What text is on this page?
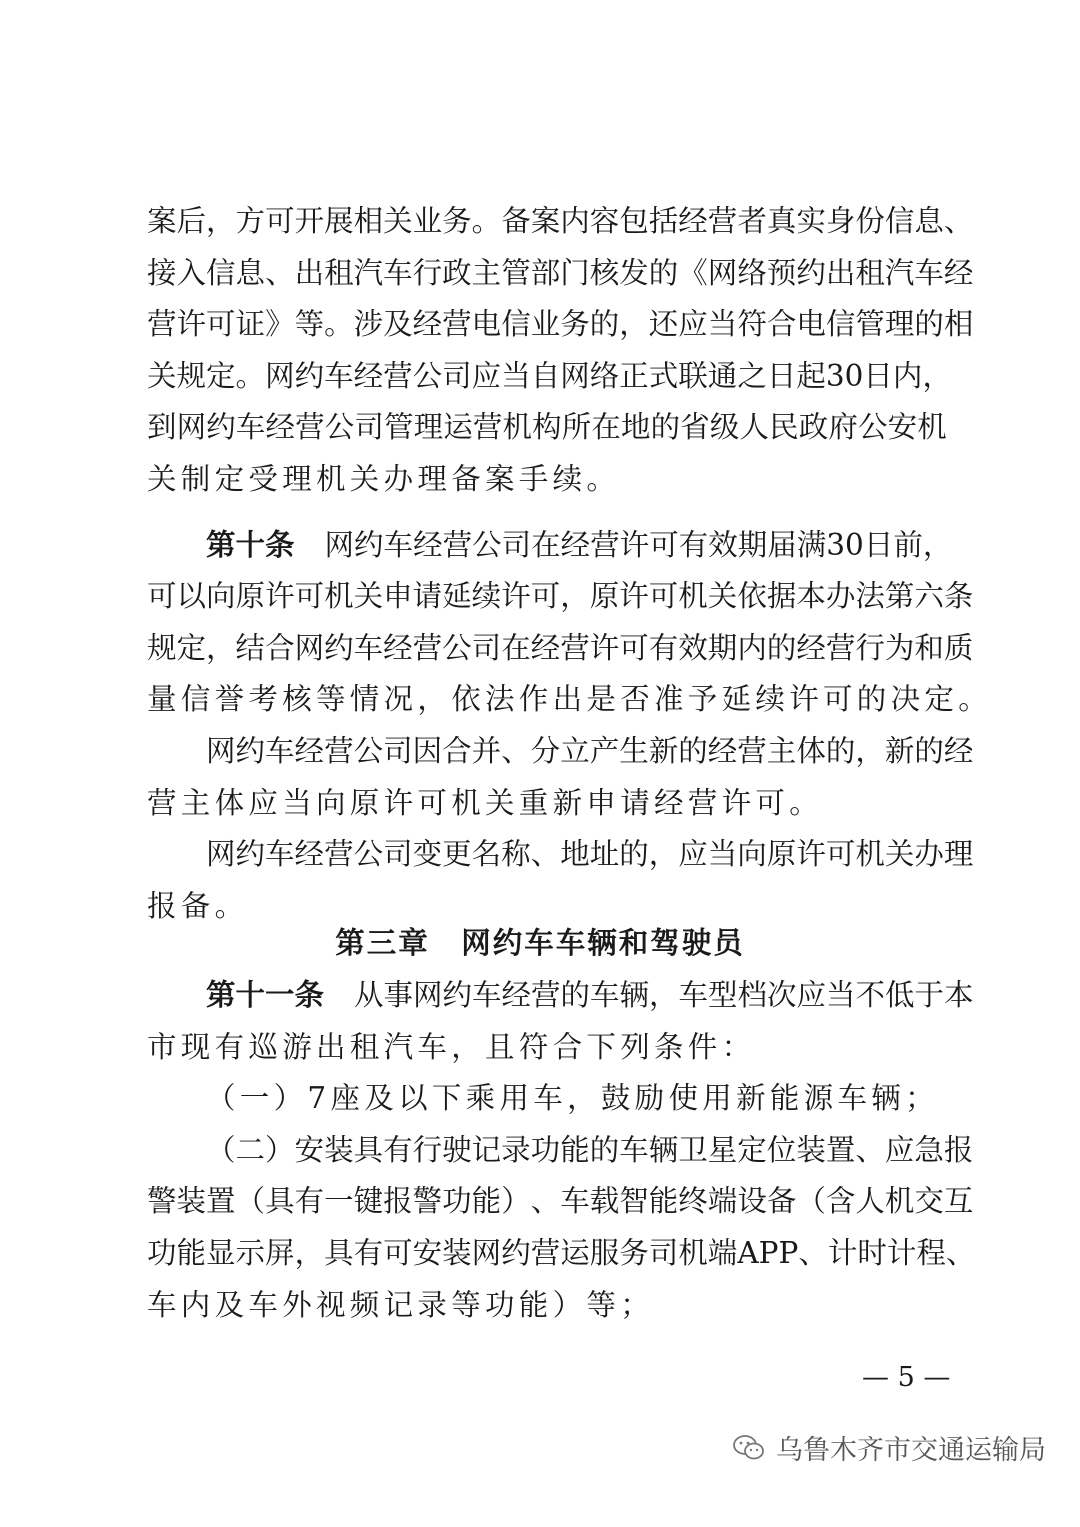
案 后 ， 方 可 开 展 相 关 业 务 。 备 案 内 容 包 括 经 营 者 真 实 身 份 信 息 、
接 入 信 息 、 出 租 汽 车 行 政 主 管 部 门 核 发 的 《 网 络 预 约 出 租 汽 车 经
营 许 可 证 》 等 。 涉 及 经 营 电 信 业 务 的 ， 还 应 当 符 合 电 信 管 理 的 相
关 规 定 。 网 约 车 经 营 公 司 应 当 自 网 络 正 式 联 通 之 日 起 30 日 内 ，
到 网 约 车 经 营 公 司 管 理 运 营 机 构 所 在 地 的 省 级 人 民 政 府 公 安 机
关制定受理机关办理备案手续。
第十条 网 约 车 经 营 公 司 在 经 营 许 可 有 效 期 届 满 30 日 前 ，
可 以 向 原 许 可 机 关 申 请 延 续 许 可 ， 原 许 可 机 关 依 据 本 办 法 第 六 条
规 定 ， 结 合 网 约 车 经 营 公 司 在 经 营 许 可 有 效 期 内 的 经 营 行 为 和 质
量信誉考核等情况，依法作出是否准予延续许可的决定。
网 约 车 经 营 公 司 因 合 并 、 分 立 产 生 新 的 经 营 主 体 的 ， 新 的 经
营主体应当向原许可机关重新申请经营许可。
网 约 车 经 营 公 司 变 更 名 称 、 地 址 的 ， 应 当 向 原 许 可 机 关 办 理
报备。
第三章　网约车车辆和驾驶员
第十一条 从事网约车经营的车辆，车型档次应当不低于本
市现有巡游出租汽车，且符合下列条件：
（一）7座及以下乘用车，鼓励使用新能源车辆；
（ 二 ） 安 装 具 有 行 驶 记 录 功 能 的 车 辆 卫 星 定 位 装 置 、 应 急 报
警 装 置 （ 具 有 一 键 报 警 功 能 ） 、 车 载 智 能 终 端 设 备 （ 含 人 机 交 互
功 能 显 示 屏 ， 具 有 可 安 装 网 约 营 运 服 务 司 机 端 APP 、 计 时 计 程 、
车内及车外视频记录等功能）等；
— 5 —
乌鲁木齐市交通运输局
